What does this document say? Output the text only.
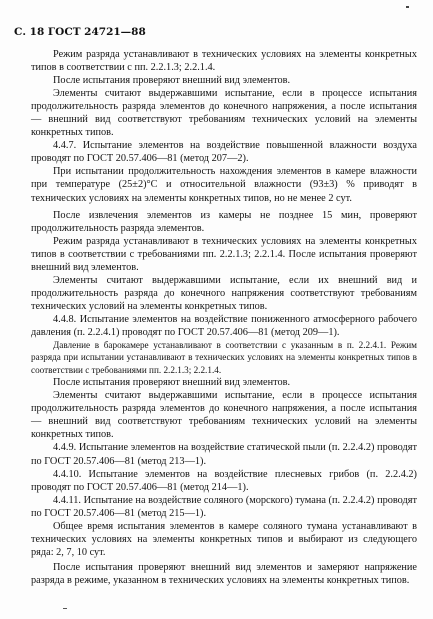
С. 18 ГОСТ 24721—88

Режим разряда устанавливают в технических условиях на элементы конкретных типов в соответствии с пп. 2.2.1.3; 2.2.1.4.

После испытания проверяют внешний вид элементов.

Элементы считают выдержавшими испытание, если в процессе испытания продолжительность разряда элементов до конечного напряжения, а после испытания — внешний вид соответствуют требованиям технических условий на элементы конкретных типов.

4.4.7. Испытание элементов на воздействие повышенной влажности воздуха проводят по ГОСТ 20.57.406—81 (метод 207—2).

При испытании продолжительность нахождения элементов в камере влажности при температуре (25±2)°С и относительной влажности (93±3) % приводят в технических условиях на элементы конкретных типов, но не менее 2 сут.

После извлечения элементов из камеры не позднее 15 мин, проверяют продолжительность разряда элементов.

Режим разряда устанавливают в технических условиях на элементы конкретных типов в соответствии с требованиями пп. 2.2.1.3; 2.2.1.4. После испытания проверяют внешний вид элементов.

Элементы считают выдержавшими испытание, если их внешний вид и продолжительность разряда до конечного напряжения соответствуют требованиям технических условий на элементы конкретных типов.

4.4.8. Испытание элементов на воздействие пониженного атмосферного рабочего давления (п. 2.2.4.1) проводят по ГОСТ 20.57.406—81 (метод 209—1).

Давление в барокамере устанавливают в соответствии с указанным в п. 2.2.4.1. Режим разряда при испытании устанавливают в технических условиях на элементы конкретных типов в соответствии с требованиями пп. 2.2.1.3; 2.2.1.4.

После испытания проверяют внешний вид элементов.

Элементы считают выдержавшими испытание, если в процессе испытания продолжительность разряда элементов до конечного напряжения, а после испытания — внешний вид соответствуют требованиям технических условий на элементы конкретных типов.

4.4.9. Испытание элементов на воздействие статической пыли (п. 2.2.4.2) проводят по ГОСТ 20.57.406—81 (метод 213—1).

4.4.10. Испытание элементов на воздействие плесневых грибов (п. 2.2.4.2) проводят по ГОСТ 20.57.406—81 (метод 214—1).

4.4.11. Испытание на воздействие соляного (морского) тумана (п. 2.2.4.2) проводят по ГОСТ 20.57.406—81 (метод 215—1).

Общее время испытания элементов в камере соляного тумана устанавливают в технических условиях на элементы конкретных типов и выбирают из следующего ряда: 2, 7, 10 сут.

После испытания проверяют внешний вид элементов и замеряют напряжение разряда в режиме, указанном в технических условиях на элементы конкретных типов.
